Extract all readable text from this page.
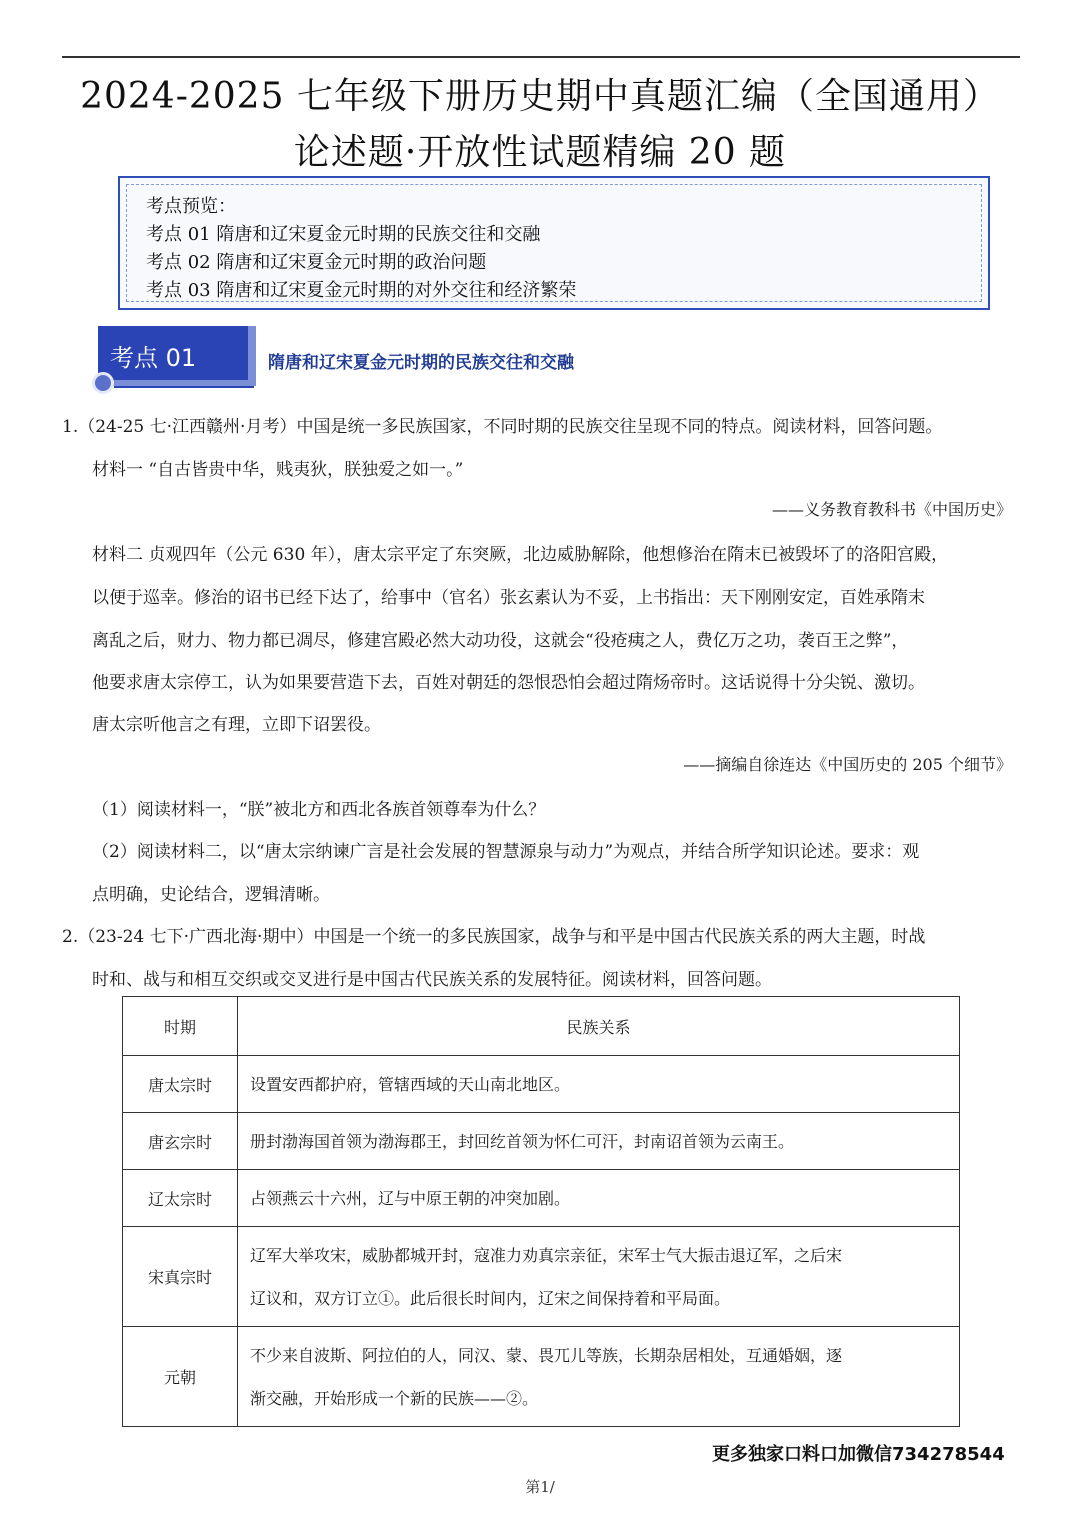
2024-2025 七年级下册历史期中真题汇编（全国通用）
论述题·开放性试题精编 20 题
考点预览：
考点 01 隋唐和辽宋夏金元时期的民族交往和交融
考点 02 隋唐和辽宋夏金元时期的政治问题
考点 03 隋唐和辽宋夏金元时期的对外交往和经济繁荣
考点 01	隋唐和辽宋夏金元时期的民族交往和交融
1.（24-25 七·江西赣州·月考）中国是统一多民族国家，不同时期的民族交往呈现不同的特点。阅读材料，回答问题。
材料一 “自古皆贵中华，贱夷狄，朕独爱之如一。”
——义务教育教科书《中国历史》
材料二 贞观四年（公元 630 年），唐太宗平定了东突厥，北边威胁解除，他想修治在隋末已被毁坏了的洛阳宫殿，
以便于巡幸。修治的诏书已经下达了，给事中（官名）张玄素认为不妥，上书指出：天下刚刚安定，百姓承隋末
离乱之后，财力、物力都已凋尽，修建宫殿必然大动功役，这就会“役疮痍之人，费亿万之功，袭百王之弊”，
他要求唐太宗停工，认为如果要营造下去，百姓对朝廷的怨恨恐怕会超过隋炀帝时。这话说得十分尖锐、激切。
唐太宗听他言之有理，立即下诏罢役。
——摘编自徐连达《中国历史的 205 个细节》
（1）阅读材料一，“朕”被北方和西北各族首领尊奉为什么？
（2）阅读材料二，以“唐太宗纳谏广言是社会发展的智慧源泉与动力”为观点，并结合所学知识论述。要求：观
点明确，史论结合，逻辑清晰。
2.（23-24 七下·广西北海·期中）中国是一个统一的多民族国家，战争与和平是中国古代民族关系的两大主题，时战
时和、战与和相互交织或交叉进行是中国古代民族关系的发展特征。阅读材料，回答问题。
时期	民族关系
唐太宗时	设置安西都护府，管辖西域的天山南北地区。
唐玄宗时	册封渤海国首领为渤海郡王，封回纥首领为怀仁可汗，封南诏首领为云南王。
辽太宗时	占领燕云十六州，辽与中原王朝的冲突加剧。
宋真宗时	辽军大举攻宋，威胁都城开封，寇准力劝真宗亲征，宋军士气大振击退辽军，之后宋
辽议和，双方订立①。此后很长时间内，辽宋之间保持着和平局面。

元朝	不少来自波斯、阿拉伯的人，同汉、蒙、畏兀儿等族，长期杂居相处，互通婚姻，逐
渐交融，开始形成一个新的民族——②。
更多独家口料口加微信734278544
第1/
